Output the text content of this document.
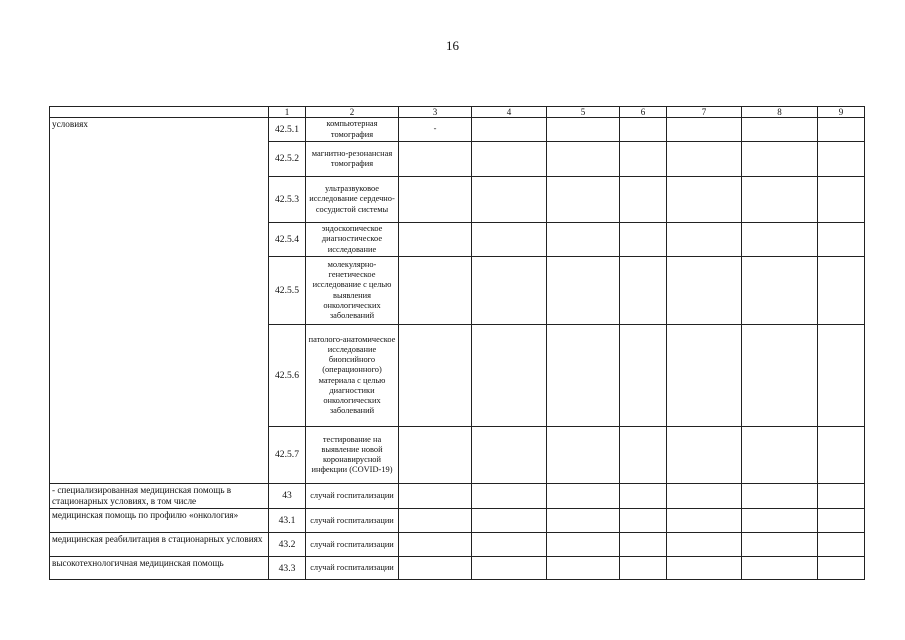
16
	1	2	3	4	5	6	7	8	9
условиях	42.5.1	компьютерная томография	-						
	42.5.2	магнитно-резонансная томография							
	42.5.3	ультразвуковое исследование сердечно-сосудистой системы							
	42.5.4	эндоскопическое диагностическое исследование							
	42.5.5	молекулярно-генетическое исследование с целью выявления онкологических заболеваний							
	42.5.6	патолого-анатомическое исследование биопсийного (операционного) материала с целью диагностики онкологических заболеваний							
	42.5.7	тестирование на выявление новой коронавирусной инфекции (COVID-19)							
- специализированная медицинская помощь в стационарных условиях, в том числе	43	случай госпитализации							
медицинская помощь по профилю «онкология»	43.1	случай госпитализации							
медицинская реабилитация в стационарных условиях	43.2	случай госпитализации							
высокотехнологичная медицинская помощь	43.3	случай госпитализации							
